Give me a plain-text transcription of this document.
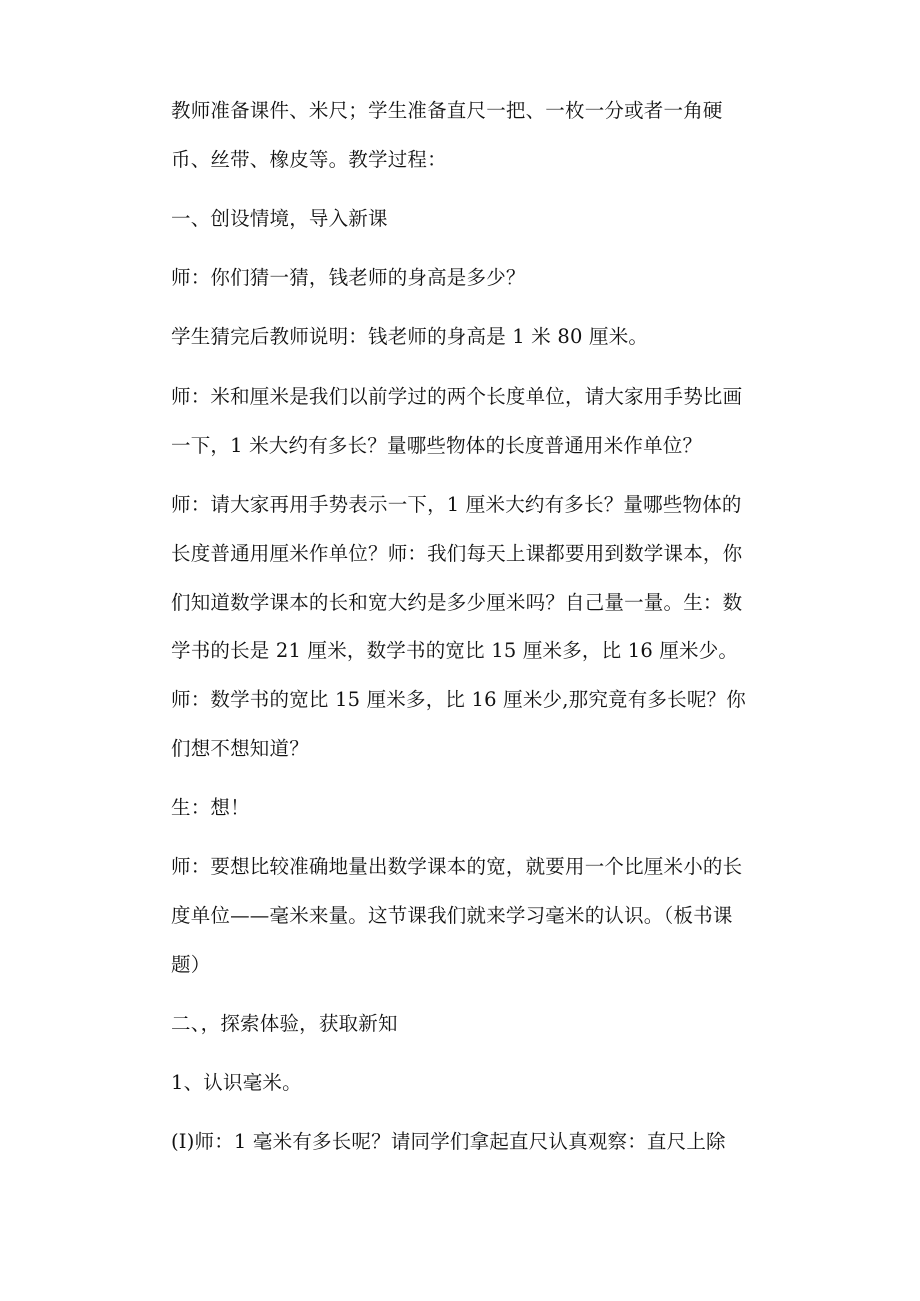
教师准备课件、米尺；学生准备直尺一把、一枚一分或者一角硬
币、丝带、橡皮等。教学过程：
一、创设情境，导入新课
师：你们猜一猜，钱老师的身高是多少？
学生猜完后教师说明：钱老师的身高是 1 米 80 厘米。
师：米和厘米是我们以前学过的两个长度单位，请大家用手势比画
一下，1 米大约有多长？量哪些物体的长度普通用米作单位？
师：请大家再用手势表示一下，1 厘米大约有多长？量哪些物体的
长度普通用厘米作单位？师：我们每天上课都要用到数学课本，你
们知道数学课本的长和宽大约是多少厘米吗？自己量一量。生：数
学书的长是 21 厘米，数学书的宽比 15 厘米多，比 16 厘米少。
师：数学书的宽比 15 厘米多，比 16 厘米少,那究竟有多长呢？你
们想不想知道？
生：想！
师：要想比较准确地量出数学课本的宽，就要用一个比厘米小的长
度单位——毫米来量。这节课我们就来学习毫米的认识。（板书课
题）
二、，探索体验，获取新知
1、认识毫米。
(I)师：1 毫米有多长呢？请同学们拿起直尺认真观察：直尺上除
